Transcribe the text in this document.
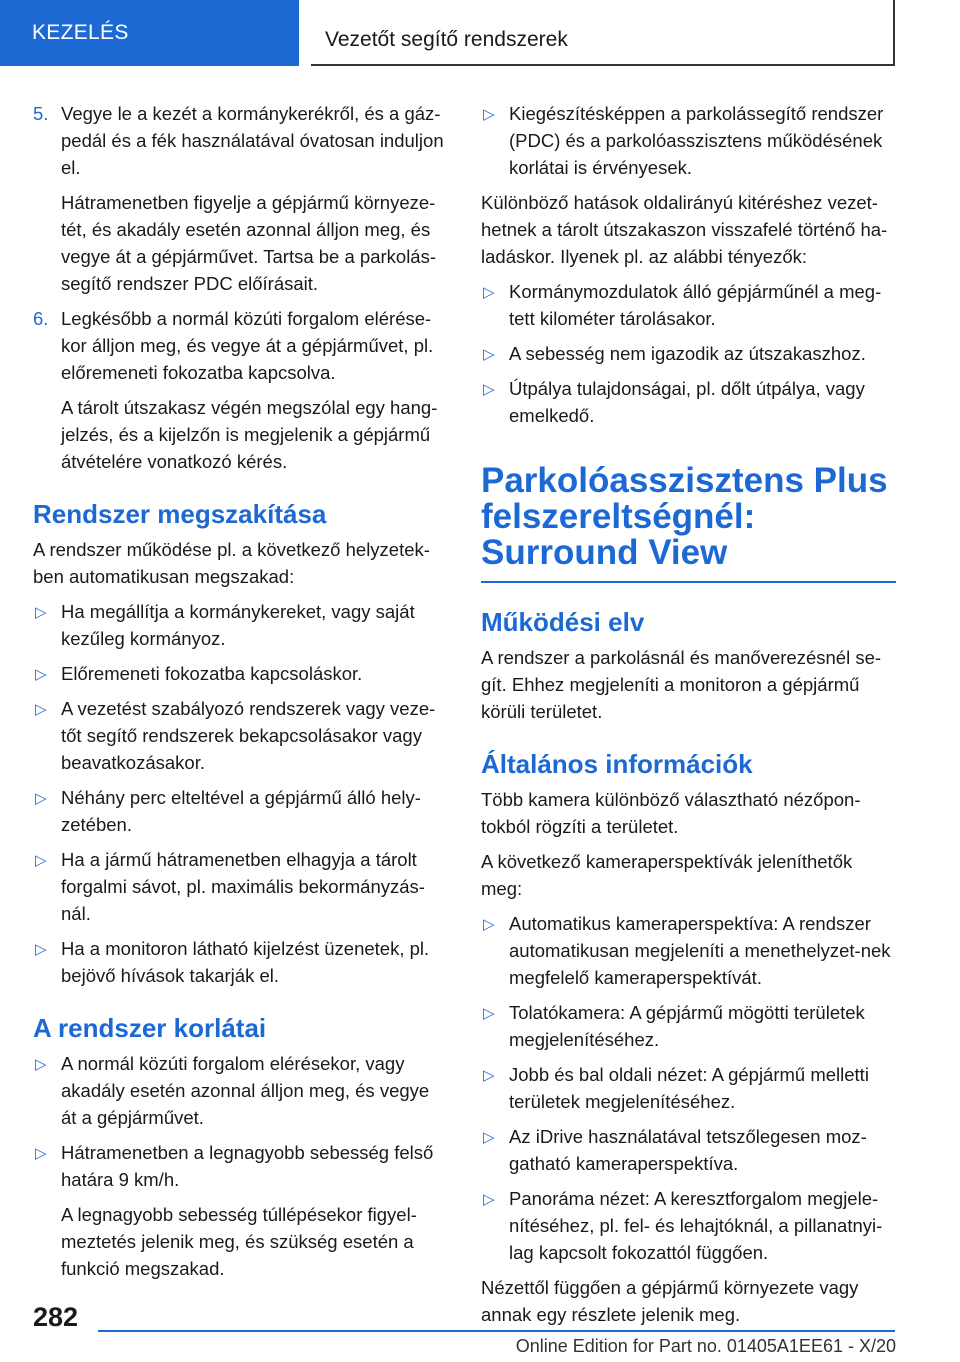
KEZELÉS	Vezetőt segítő rendszerek
5. Vegye le a kezét a kormánykerékről, és a gáz-pedál és a fék használatával óvatosan induljon el.
Hátramenetben figyelje a gépjármű környeze-tét, és akadály esetén azonnal álljon meg, és vegye át a gépjárművet. Tartsa be a parkolás-segítő rendszer PDC előírásait.
6. Legkésőbb a normál közúti forgalom elérése-kor álljon meg, és vegye át a gépjárművet, pl. előremeneti fokozatba kapcsolva.
A tárolt útszakasz végén megszólal egy hang-jelzés, és a kijelzőn is megjelenik a gépjármű átvételére vonatkozó kérés.
Rendszer megszakítása

A rendszer működése pl. a következő helyzetek-ben automatikusan megszakad:

▷ Ha megállítja a kormánykereket, vagy saját kezűleg kormányoz.
▷ Előremeneti fokozatba kapcsoláskor.
▷ A vezetést szabályozó rendszerek vagy veze-tőt segítő rendszerek bekapcsolásakor vagy beavatkozásakor.
▷ Néhány perc elteltével a gépjármű álló hely-zetében.
▷ Ha a jármű hátramenetben elhagyja a tárolt forgalmi sávot, pl. maximális bekormányzás-nál.
▷ Ha a monitoron látható kijelzést üzenetek, pl. bejövő hívások takarják el.
A rendszer korlátai
▷ A normál közúti forgalom elérésekor, vagy akadály esetén azonnal álljon meg, és vegye át a gépjárművet.
▷ Hátramenetben a legnagyobb sebesség felső határa 9 km/h.
A legnagyobb sebesség túllépésekor figyel-meztetés jelenik meg, és szükség esetén a funkció megszakad.
▷ Kiegészítésképpen a parkolássegítő rendszer (PDC) és a parkolóasszisztens működésének korlátai is érvényesek.

Különböző hatások oldalirányú kitéréshez vezet-hetnek a tárolt útszakaszon visszafelé történő ha-ladáskor. Ilyenek pl. az alábbi tényezők:

▷ Kormánymozdulatok álló gépjárműnél a meg-tett kilométer tárolásakor.
▷ A sebesség nem igazodik az útszakaszhoz.
▷ Útpálya tulajdonságai, pl. dőlt útpálya, vagy emelkedő.
Parkolóasszisztens Plus felszereltségnél: Surround View
Működési elv

A rendszer a parkolásnál és manőverezésnél se-gít. Ehhez megjeleníti a monitoron a gépjármű körüli területet.

Általános információk

Több kamera különböző választható nézőpon-tokból rögzíti a területet.

A következő kameraperspektívák jeleníthetők meg:

▷ Automatikus kameraperspektíva: A rendszer automatikusan megjeleníti a menethelyzet-nek megfelelő kameraperspektívát.
▷ Tolatókamera: A gépjármű mögötti területek megjelenítéséhez.
▷ Jobb és bal oldali nézet: A gépjármű melletti területek megjelenítéséhez.
▷ Az iDrive használatával tetszőlegesen moz-gatható kameraperspektíva.
▷ Panoráma nézet: A keresztforgalom megjele-nítéséhez, pl. fel- és lehajtóknál, a pillanatnyi-lag kapcsolt fokozattól függően.

Nézettől függően a gépjármű környezete vagy annak egy részlete jelenik meg.

282
Online Edition for Part no. 01405A1EE61 - X/20
